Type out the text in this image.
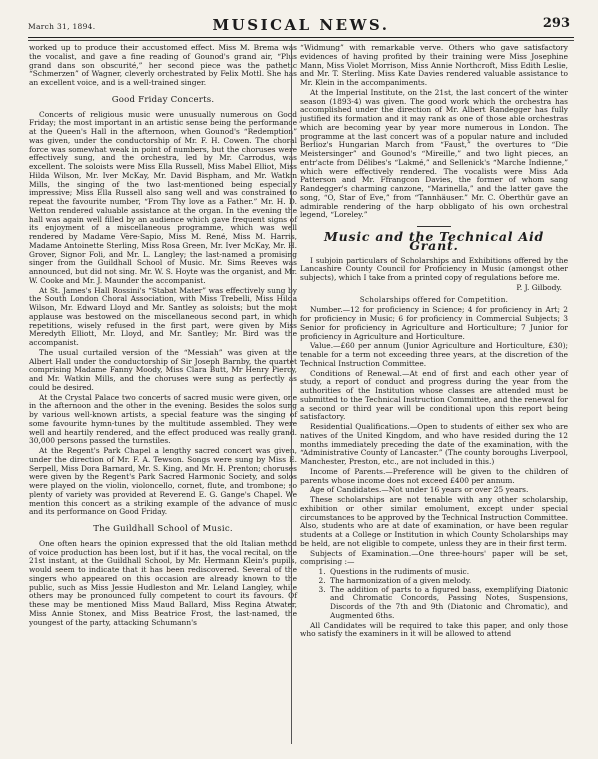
March 31, 1894.	MUSICAL NEWS.	293

worked up to produce their accustomed effect. Miss M. Brema was the vocalist, and gave a fine reading of Gounod's grand air, “Plus grand dans son obscurité,” her second piece was the pathetic “Schmerzen” of Wagner, cleverly orchestrated by Felix Mottl. She has an excellent voice, and is a well-trained singer.

Good Friday Concerts.

Concerts of religious music were unusually numerous on Good Friday; the most important in an artistic sense being the performance at the Queen's Hall in the afternoon, when Gounod's “Redemption” was given, under the conductorship of Mr. F. H. Cowen. The choral force was somewhat weak in point of numbers, but the choruses were effectively sung, and the orchestra, led by Mr. Carrodus, was excellent. The soloists were Miss Ella Russell, Miss Mabel Elliot, Miss Hilda Wilson, Mr. Iver McKay, Mr. David Bispham, and Mr. Watkin Mills, the singing of the two last-mentioned being especially impressive; Miss Ella Russell also sang well and was constrained to repeat the favourite number, “From Thy love as a Father.” Mr. H. D. Wetton rendered valuable assistance at the organ. In the evening the hall was again well filled by an audience which gave frequent signs of its enjoyment of a miscellaneous programme, which was well rendered by Madame Vère-Sapio, Miss M. René, Miss M. Harris, Madame Antoinette Sterling, Miss Rosa Green, Mr. Iver McKay, Mr. H. Grover, Signor Foli, and Mr. L. Langley; the last-named a promising singer from the Guildhall School of Music. Mr. Sims Reeves was announced, but did not sing. Mr. W. S. Hoyte was the organist, and Mr. W. Cooke and Mr. J. Maunder the accompanist.

At St. James's Hall Rossini's “Stabat Mater” was effectively sung by the South London Choral Association, with Miss Trebelli, Miss Hilda Wilson, Mr. Edward Lloyd and Mr. Santley as soloists; but the most applause was bestowed on the miscellaneous second part, in which repetitions, wisely refused in the first part, were given by Miss Meredyth Elliott, Mr. Lloyd, and Mr. Santley; Mr. Bird was the accompanist.

The usual curtailed version of the “Messiah” was given at the Albert Hall under the conductorship of Sir Joseph Barnby, the quartet comprising Madame Fanny Moody, Miss Clara Butt, Mr Henry Piercy, and Mr. Watkin Mills, and the choruses were sung as perfectly as could be desired.

At the Crystal Palace two concerts of sacred music were given, one in the afternoon and the other in the evening. Besides the solos sung by various well-known artists, a special feature was the singing of some favourite hymn-tunes by the multitude assembled. They were well and heartily rendered, and the effect produced was really grand. 30,000 persons passed the turnstiles.

At the Regent's Park Chapel a lengthy sacred concert was given, under the direction of Mr. F. A. Tewson. Songs were sung by Miss E. Serpell, Miss Dora Barnard, Mr. S. King, and Mr. H. Prenton; choruses were given by the Regent's Park Sacred Harmonic Society, and solos were played on the violin, violoncello, cornet, flute, and trombone; so plenty of variety was provided at Reverend E. G. Gange's Chapel. We mention this concert as a striking example of the advance of music and its performance on Good Friday.

The Guildhall School of Music.

One often hears the opinion expressed that the old Italian method of voice production has been lost, but if it has, the vocal recital, on the 21st instant, at the Guildhall School, by Mr. Hermann Klein's pupils, would seem to indicate that it has been rediscovered. Several of the singers who appeared on this occasion are already known to the public, such as Miss Jessie Hudleston and Mr. Leland Langley, while others may be pronounced fully competent to court its favours. Of these may be mentioned Miss Maud Ballard, Miss Regina Atwater, Miss Annie Stonex, and Miss Beatrice Frost, the last-named, the youngest of the party, attacking Schumann's

“Widmung” with remarkable verve. Others who gave satisfactory evidences of having profited by their training were Miss Josephine Mann, Miss Violet Morrison, Miss Annie Northcroft, Miss Edith Leslie, and Mr. T. Sterling. Miss Kate Davies rendered valuable assistance to Mr. Klein in the accompaniments.

At the Imperial Institute, on the 21st, the last concert of the winter season (1893-4) was given. The good work which the orchestra has accomplished under the direction of Mr. Albert Randegger has fully justified its formation and it may rank as one of those able orchestras which are becoming year by year more numerous in London. The programme at the last concert was of a popular nature and included Berlioz's Hungarian March from “Faust,” the overtures to “Die Meistersinger” and Gounod's “Mireille,” and two light pieces, an entr'acte from Délibes's “Lakmé,” and Sellenick's “Marche Indienne,” which were effectively rendered. The vocalists were Miss Ada Patterson and Mr. Ffrangcon Davies, the former of whom sang Randegger's charming canzone, “Marinella,” and the latter gave the song, “O, Star of Eve,” from “Tannhäuser.” Mr. C. Oberthür gave an admirable rendering of the harp obbligato of his own orchestral legend, “Loreley.”

Music and the Technical Aid Grant.

I subjoin particulars of Scholarships and Exhibitions offered by the Lancashire County Council for Proficiency in Music (amongst other subjects), which I take from a printed copy of regulations before me.

P. J. Gilbody.
Scholarships offered for Competition.

Number.—12 for proficiency in Science; 4 for proficiency in Art; 2 for proficiency in Music; 6 for proficiency in Commercial Subjects; 3 Senior for proficiency in Agriculture and Horticulture; 7 Junior for proficiency in Agriculture and Horticulture.

Value.—£60 per annum (Junior Agriculture and Horticulture, £30); tenable for a term not exceeding three years, at the discretion of the Technical Instruction Committee.

Conditions of Renewal.—At end of first and each other year of study, a report of conduct and progress during the year from the authorities of the Institution whose classes are attended must be submitted to the Technical Instruction Committee, and the renewal for a second or third year will be conditional upon this report being satisfactory.

Residential Qualifications.—Open to students of either sex who are natives of the United Kingdom, and who have resided during the 12 months immediately preceding the date of the examination, with the “Administrative County of Lancaster.” (The county boroughs Liverpool, Manchester, Preston, etc., are not included in this.)

Income of Parents.—Preference will be given to the children of parents whose income does not exceed £400 per annum.

Age of Candidates.—Not under 16 years or over 25 years.

These scholarships are not tenable with any other scholarship, exhibition or other similar emolument, except under special circumstances to be approved by the Technical Instruction Committee. Also, students who are at date of examination, or have been regular students at a College or Institution in which County Scholarships may be held, are not eligible to compete, unless they are in their first term.

Subjects of Examination.—One three-hours' paper will be set, comprising :—

1. Questions in the rudiments of music.
2. The harmonization of a given melody.
3. The addition of parts to a figured bass, exemplifying Diatonic and Chromatic Concords, Passing Notes, Suspensions, Discords of the 7th and 9th (Diatonic and Chromatic), and Augmented 6ths.

All Candidates will be required to take this paper, and only those who satisfy the examiners in it will be allowed to attend
